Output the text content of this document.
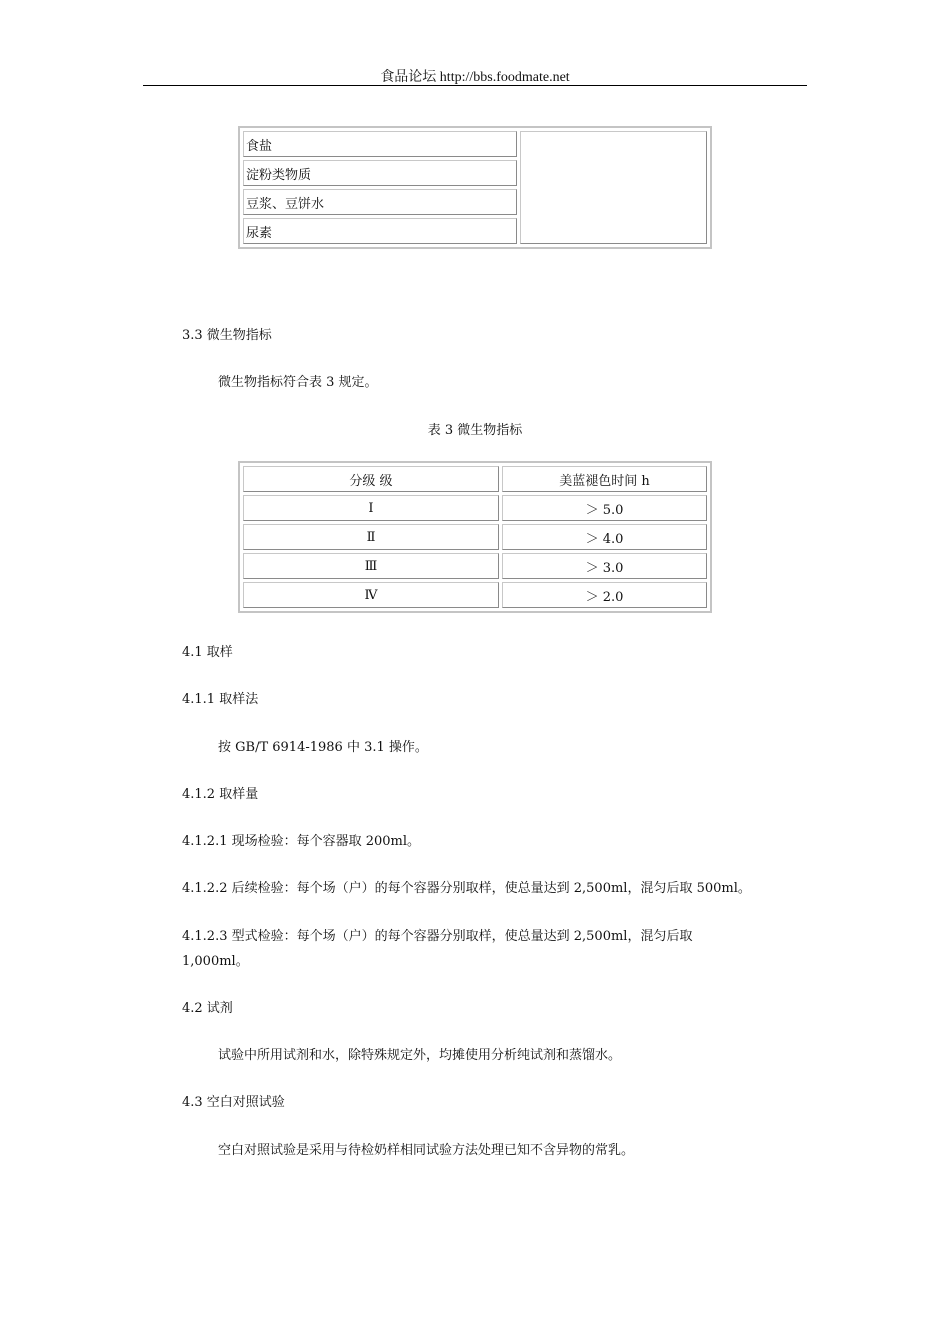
食品论坛 http://bbs.foodmate.net
食盐	
淀粉类物质
豆浆、豆饼水
尿素

3.3 微生物指标

微生物指标符合表 3 规定。

表 3 微生物指标

分级 级	美蓝褪色时间 h
Ⅰ	＞ 5.0
Ⅱ	＞ 4.0
Ⅲ	＞ 3.0
Ⅳ	＞ 2.0

4.1 取样

4.1.1 取样法

按 GB/T 6914-1986 中 3.1 操作。

4.1.2 取样量

4.1.2.1 现场检验：每个容器取 200ml。

4.1.2.2 后续检验：每个场（户）的每个容器分别取样，使总量达到 2,500ml，混匀后取 500ml。

4.1.2.3 型式检验：每个场（户）的每个容器分别取样，使总量达到 2,500ml，混匀后取

1,000ml。

4.2 试剂

试验中所用试剂和水，除特殊规定外，均摊使用分析纯试剂和蒸馏水。

4.3 空白对照试验

空白对照试验是采用与待检奶样相同试验方法处理已知不含异物的常乳。
